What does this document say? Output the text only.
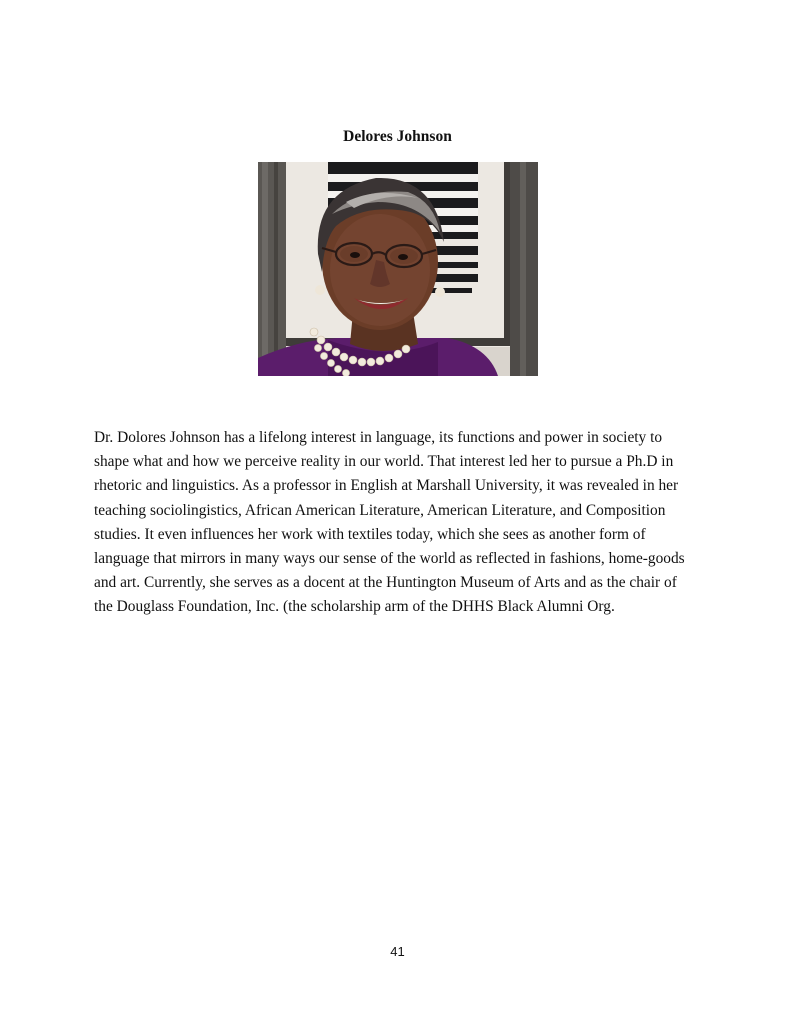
Delores Johnson
Dr. Dolores Johnson has a lifelong interest in language, its functions and power in society to
shape what and how we perceive reality in our world. That interest led her to pursue a Ph.D in
rhetoric and linguistics. As a professor in English at Marshall University, it was revealed in her
teaching sociolingistics, African American Literature, American Literature, and Composition
studies. It even influences her work with textiles today, which she sees as another form of
language that mirrors in many ways our sense of the world as reflected in fashions, home-goods
and art. Currently, she serves as a docent at the Huntington Museum of Arts and as the chair of
the Douglass Foundation, Inc. (the scholarship arm of the DHHS Black Alumni Org.
41
